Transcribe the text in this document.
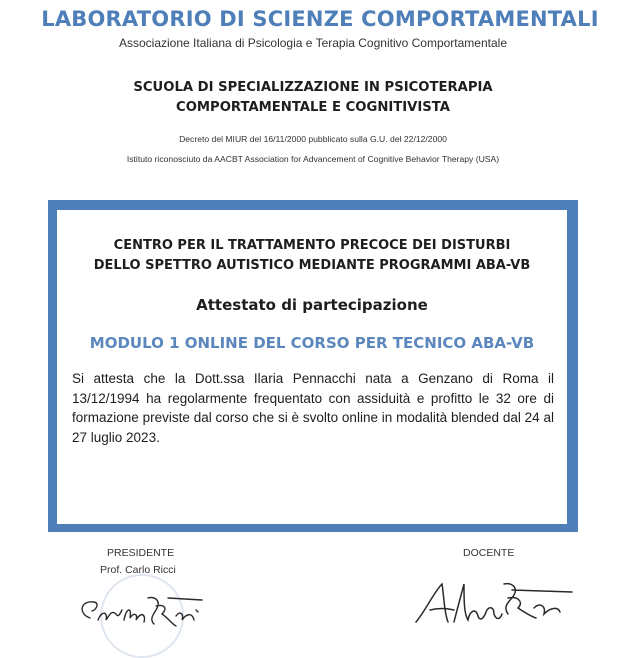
LABORATORIO DI SCIENZE COMPORTAMENTALI
Associazione Italiana di Psicologia e Terapia Cognitivo Comportamentale
SCUOLA DI SPECIALIZZAZIONE IN PSICOTERAPIA
COMPORTAMENTALE E COGNITIVISTA
Decreto del MIUR del 16/11/2000 pubblicato sulla G.U. del 22/12/2000
Istituto riconosciuto da AACBT Association for Advancement of Cognitive Behavior Therapy (USA)
CENTRO PER IL TRATTAMENTO PRECOCE DEI DISTURBI
DELLO SPETTRO AUTISTICO MEDIANTE PROGRAMMI ABA-VB
Attestato di partecipazione
MODULO 1 ONLINE DEL CORSO PER TECNICO ABA-VB
Si attesta che la Dott.ssa Ilaria Pennacchi nata a Genzano di Roma il 13/12/1994 ha regolarmente frequentato con assiduità e profitto le 32 ore di formazione previste dal corso che si è svolto online in modalità blended dal 24 al 27 luglio 2023.
PRESIDENTE
Prof. Carlo Ricci
DOCENTE
